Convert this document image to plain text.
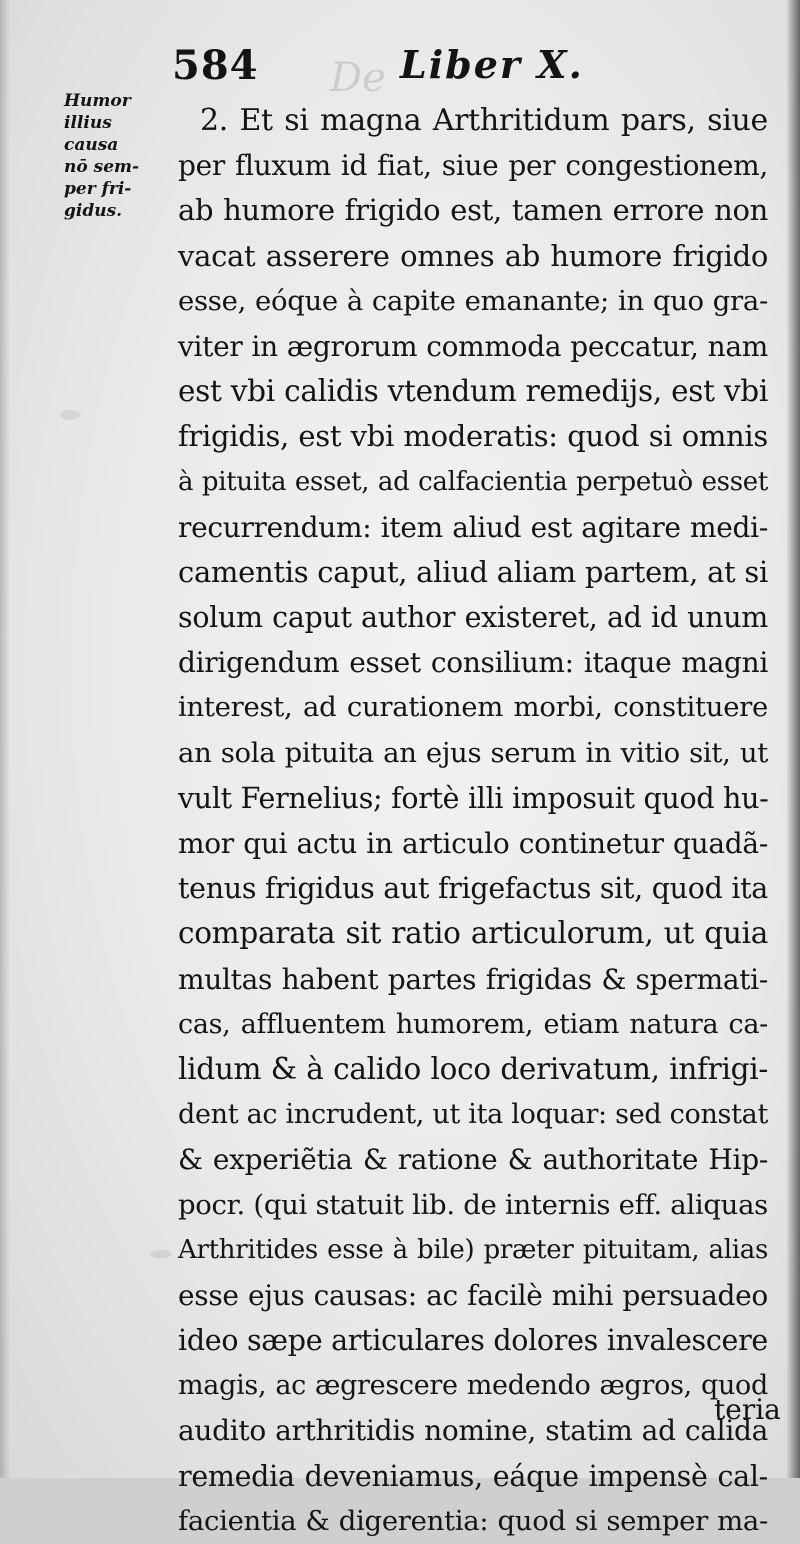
De
584	Liber X.
Humor
illius
causa
nō sem-
per fri-
gidus.
2. Et si magna Arthritidum pars, siue
per fluxum id fiat, siue per congestionem,
ab humore frigido est, tamen errore non
vacat asserere omnes ab humore frigido
esse, eóque à capite emanante; in quo gra-
viter in ægrorum commoda peccatur, nam
est vbi calidis vtendum remedijs, est vbi
frigidis, est vbi moderatis: quod si omnis
à pituita esset, ad calfacientia perpetuò esset
recurrendum: item aliud est agitare medi-
camentis caput, aliud aliam partem, at si
solum caput author existeret, ad id unum
dirigendum esset consilium: itaque magni
interest, ad curationem morbi, constituere
an sola pituita an ejus serum in vitio sit, ut
vult Fernelius; fortè illi imposuit quod hu-
mor qui actu in articulo continetur quadã-
tenus frigidus aut frigefactus sit, quod ita
comparata sit ratio articulorum, ut quia
multas habent partes frigidas & spermati-
cas, affluentem humorem, etiam natura ca-
lidum & à calido loco derivatum, infrigi-
dent ac incrudent, ut ita loquar: sed constat
& experiẽtia & ratione & authoritate Hip-
pocr. (qui statuit lib. de internis eff. aliquas
Arthritides esse à bile) præter pituitam, alias
esse ejus causas: ac facilè mihi persuadeo
ideo sæpe articulares dolores invalescere
magis, ac ægrescere medendo ægros, quod
audito arthritidis nomine, statim ad calida
remedia deveniamus, eáque impensè cal-
facientia & digerentia: quod si semper ma-
teria
